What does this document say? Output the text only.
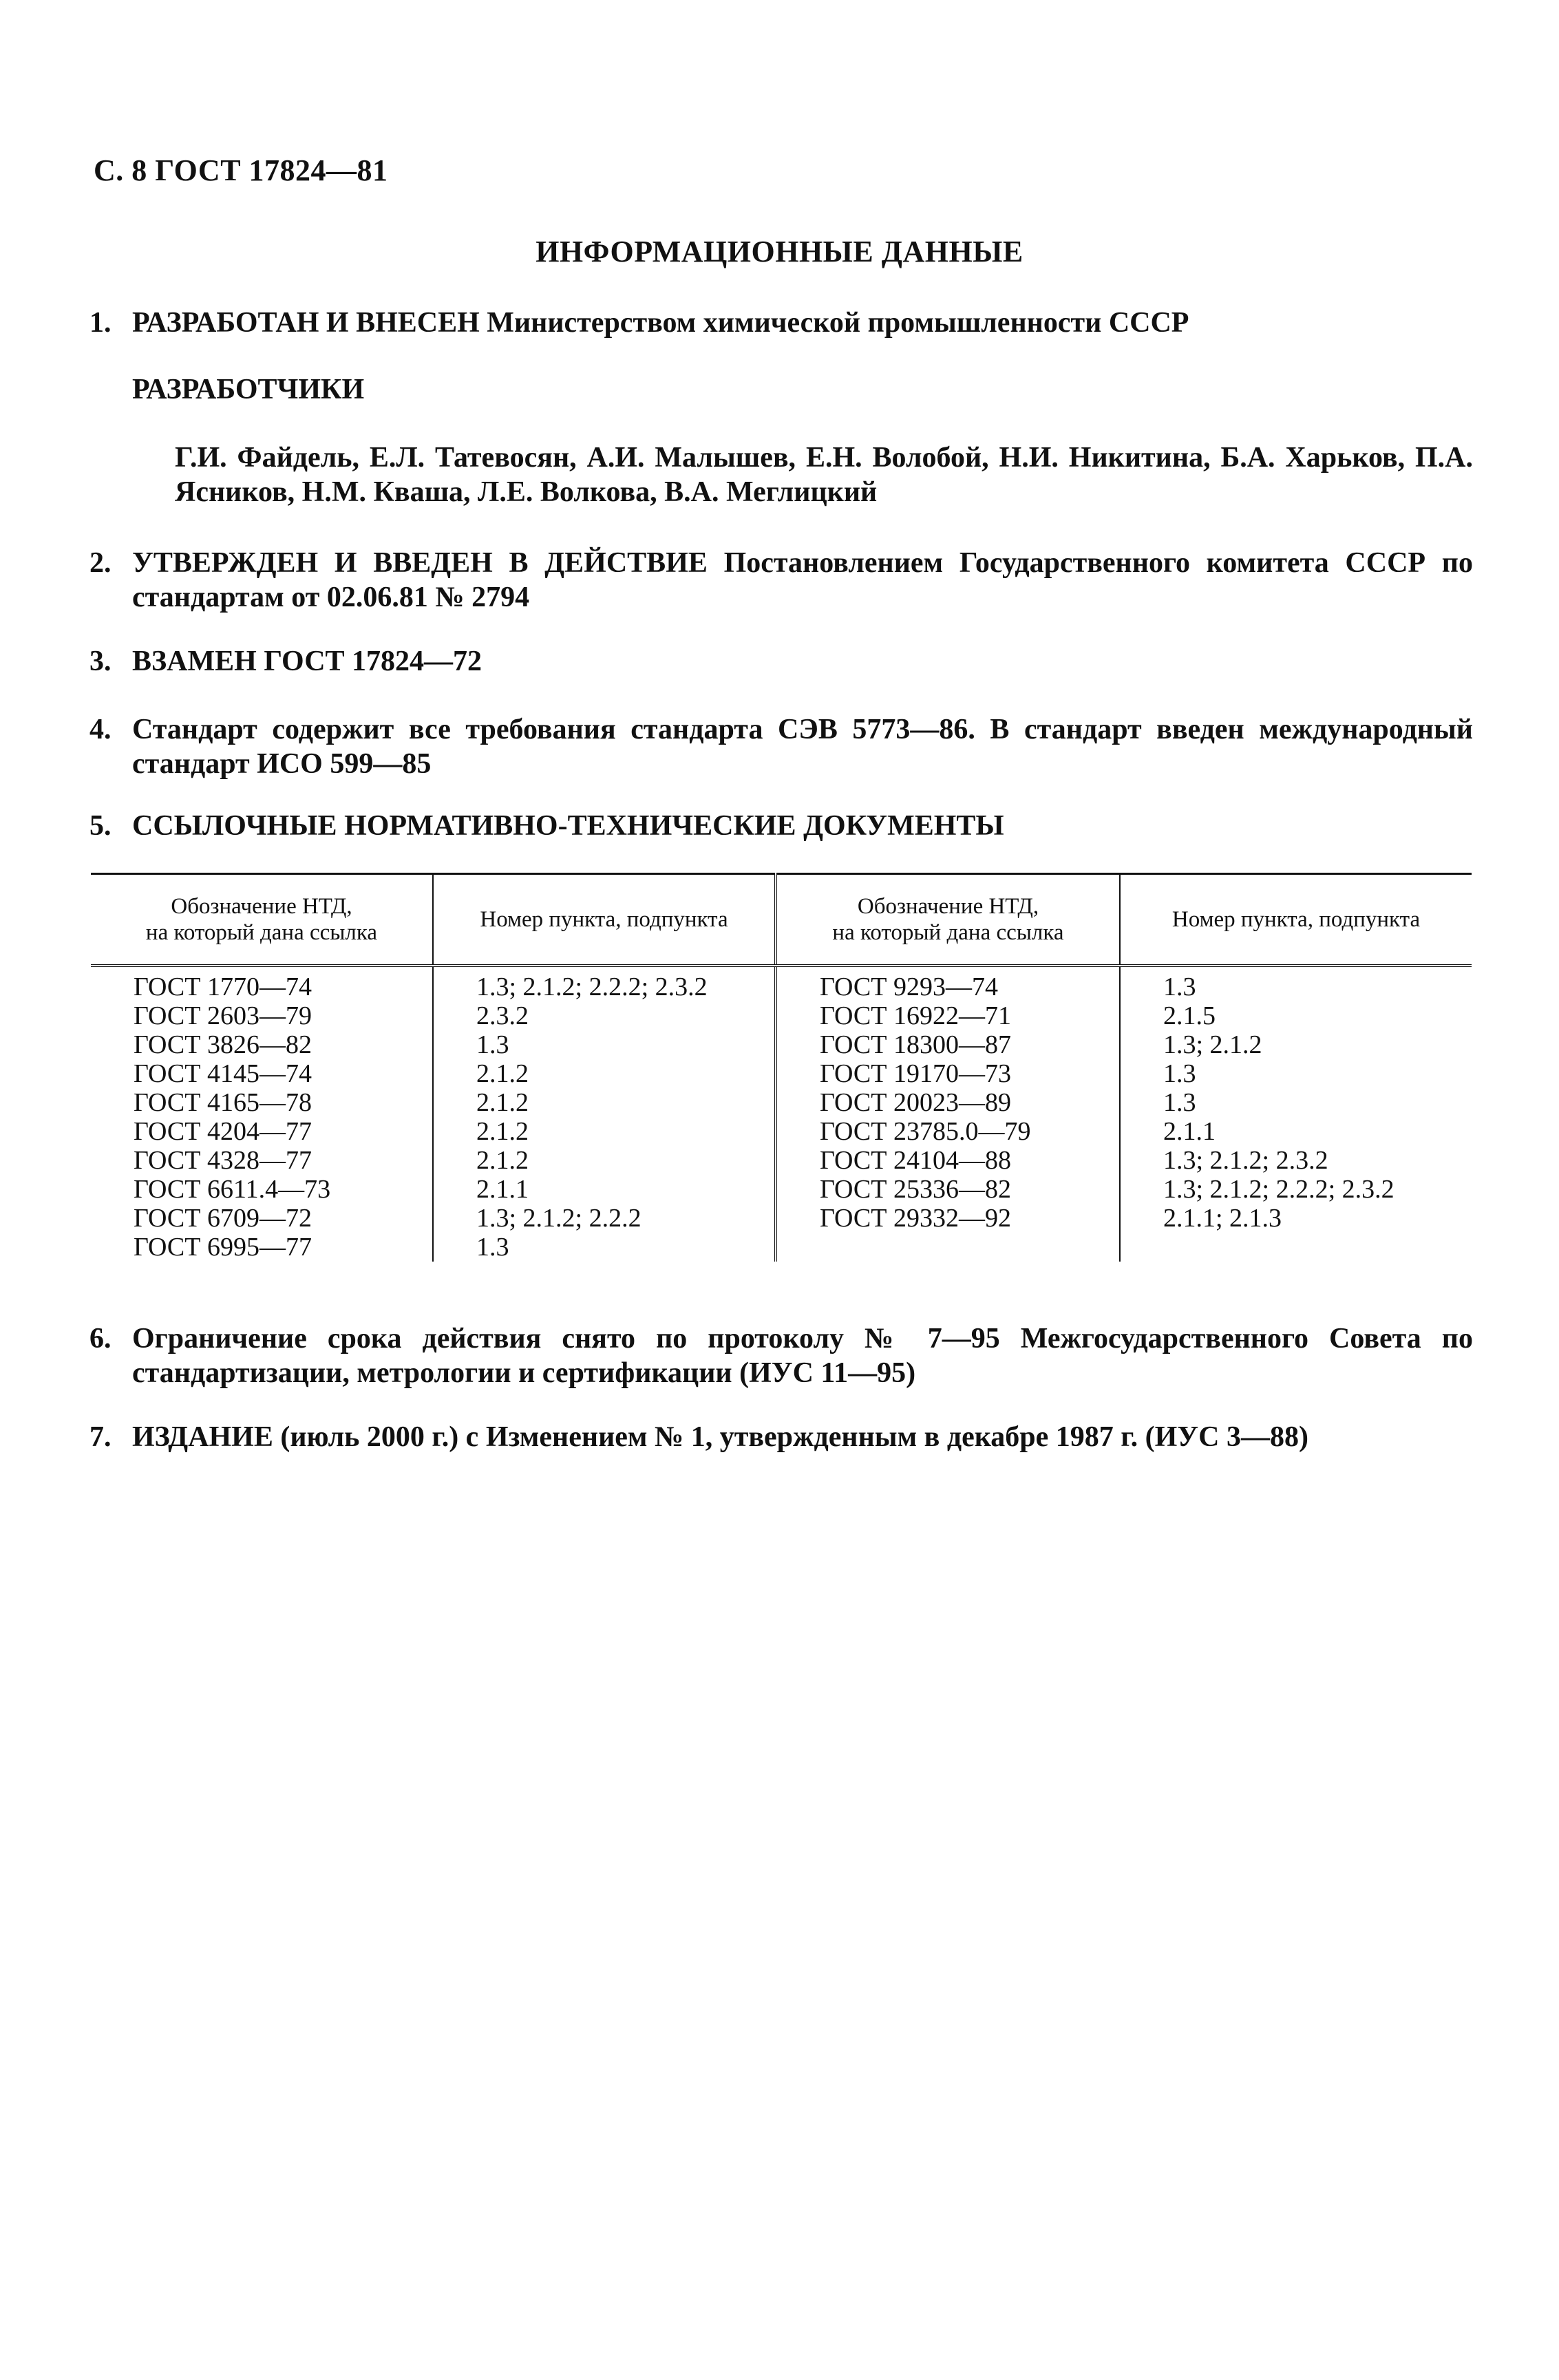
С. 8 ГОСТ 17824—81
ИНФОРМАЦИОННЫЕ ДАННЫЕ
1. РАЗРАБОТАН И ВНЕСЕН Министерством химической промышленности СССР
РАЗРАБОТЧИКИ
Г.И. Файдель, Е.Л. Татевосян, А.И. Малышев, Е.Н. Волобой, Н.И. Никитина, Б.А. Харьков, П.А. Ясников, Н.М. Кваша, Л.Е. Волкова, В.А. Меглицкий
2. УТВЕРЖДЕН И ВВЕДЕН В ДЕЙСТВИЕ Постановлением Государственного комитета СССР по стандартам от 02.06.81 № 2794
3. ВЗАМЕН ГОСТ 17824—72
4. Стандарт содержит все требования стандарта СЭВ 5773—86. В стандарт введен международный стандарт ИСО 599—85
5. ССЫЛОЧНЫЕ НОРМАТИВНО-ТЕХНИЧЕСКИЕ ДОКУМЕНТЫ
Обозначение НТД,
на который дана ссылка	Номер пункта, подпункта	Обозначение НТД,
на который дана ссылка	Номер пункта, подпункта
ГОСТ 1770—74	1.3; 2.1.2; 2.2.2; 2.3.2	ГОСТ 9293—74	1.3
ГОСТ 2603—79	2.3.2	ГОСТ 16922—71	2.1.5
ГОСТ 3826—82	1.3	ГОСТ 18300—87	1.3; 2.1.2
ГОСТ 4145—74	2.1.2	ГОСТ 19170—73	1.3
ГОСТ 4165—78	2.1.2	ГОСТ 20023—89	1.3
ГОСТ 4204—77	2.1.2	ГОСТ 23785.0—79	2.1.1
ГОСТ 4328—77	2.1.2	ГОСТ 24104—88	1.3; 2.1.2; 2.3.2
ГОСТ 6611.4—73	2.1.1	ГОСТ 25336—82	1.3; 2.1.2; 2.2.2; 2.3.2
ГОСТ 6709—72	1.3; 2.1.2; 2.2.2	ГОСТ 29332—92	2.1.1; 2.1.3
ГОСТ 6995—77	1.3		
6. Ограничение срока действия снято по протоколу № 7—95 Межгосударственного Совета по стандартизации, метрологии и сертификации (ИУС 11—95)
7. ИЗДАНИЕ (июль 2000 г.) с Изменением № 1, утвержденным в декабре 1987 г. (ИУС 3—88)
